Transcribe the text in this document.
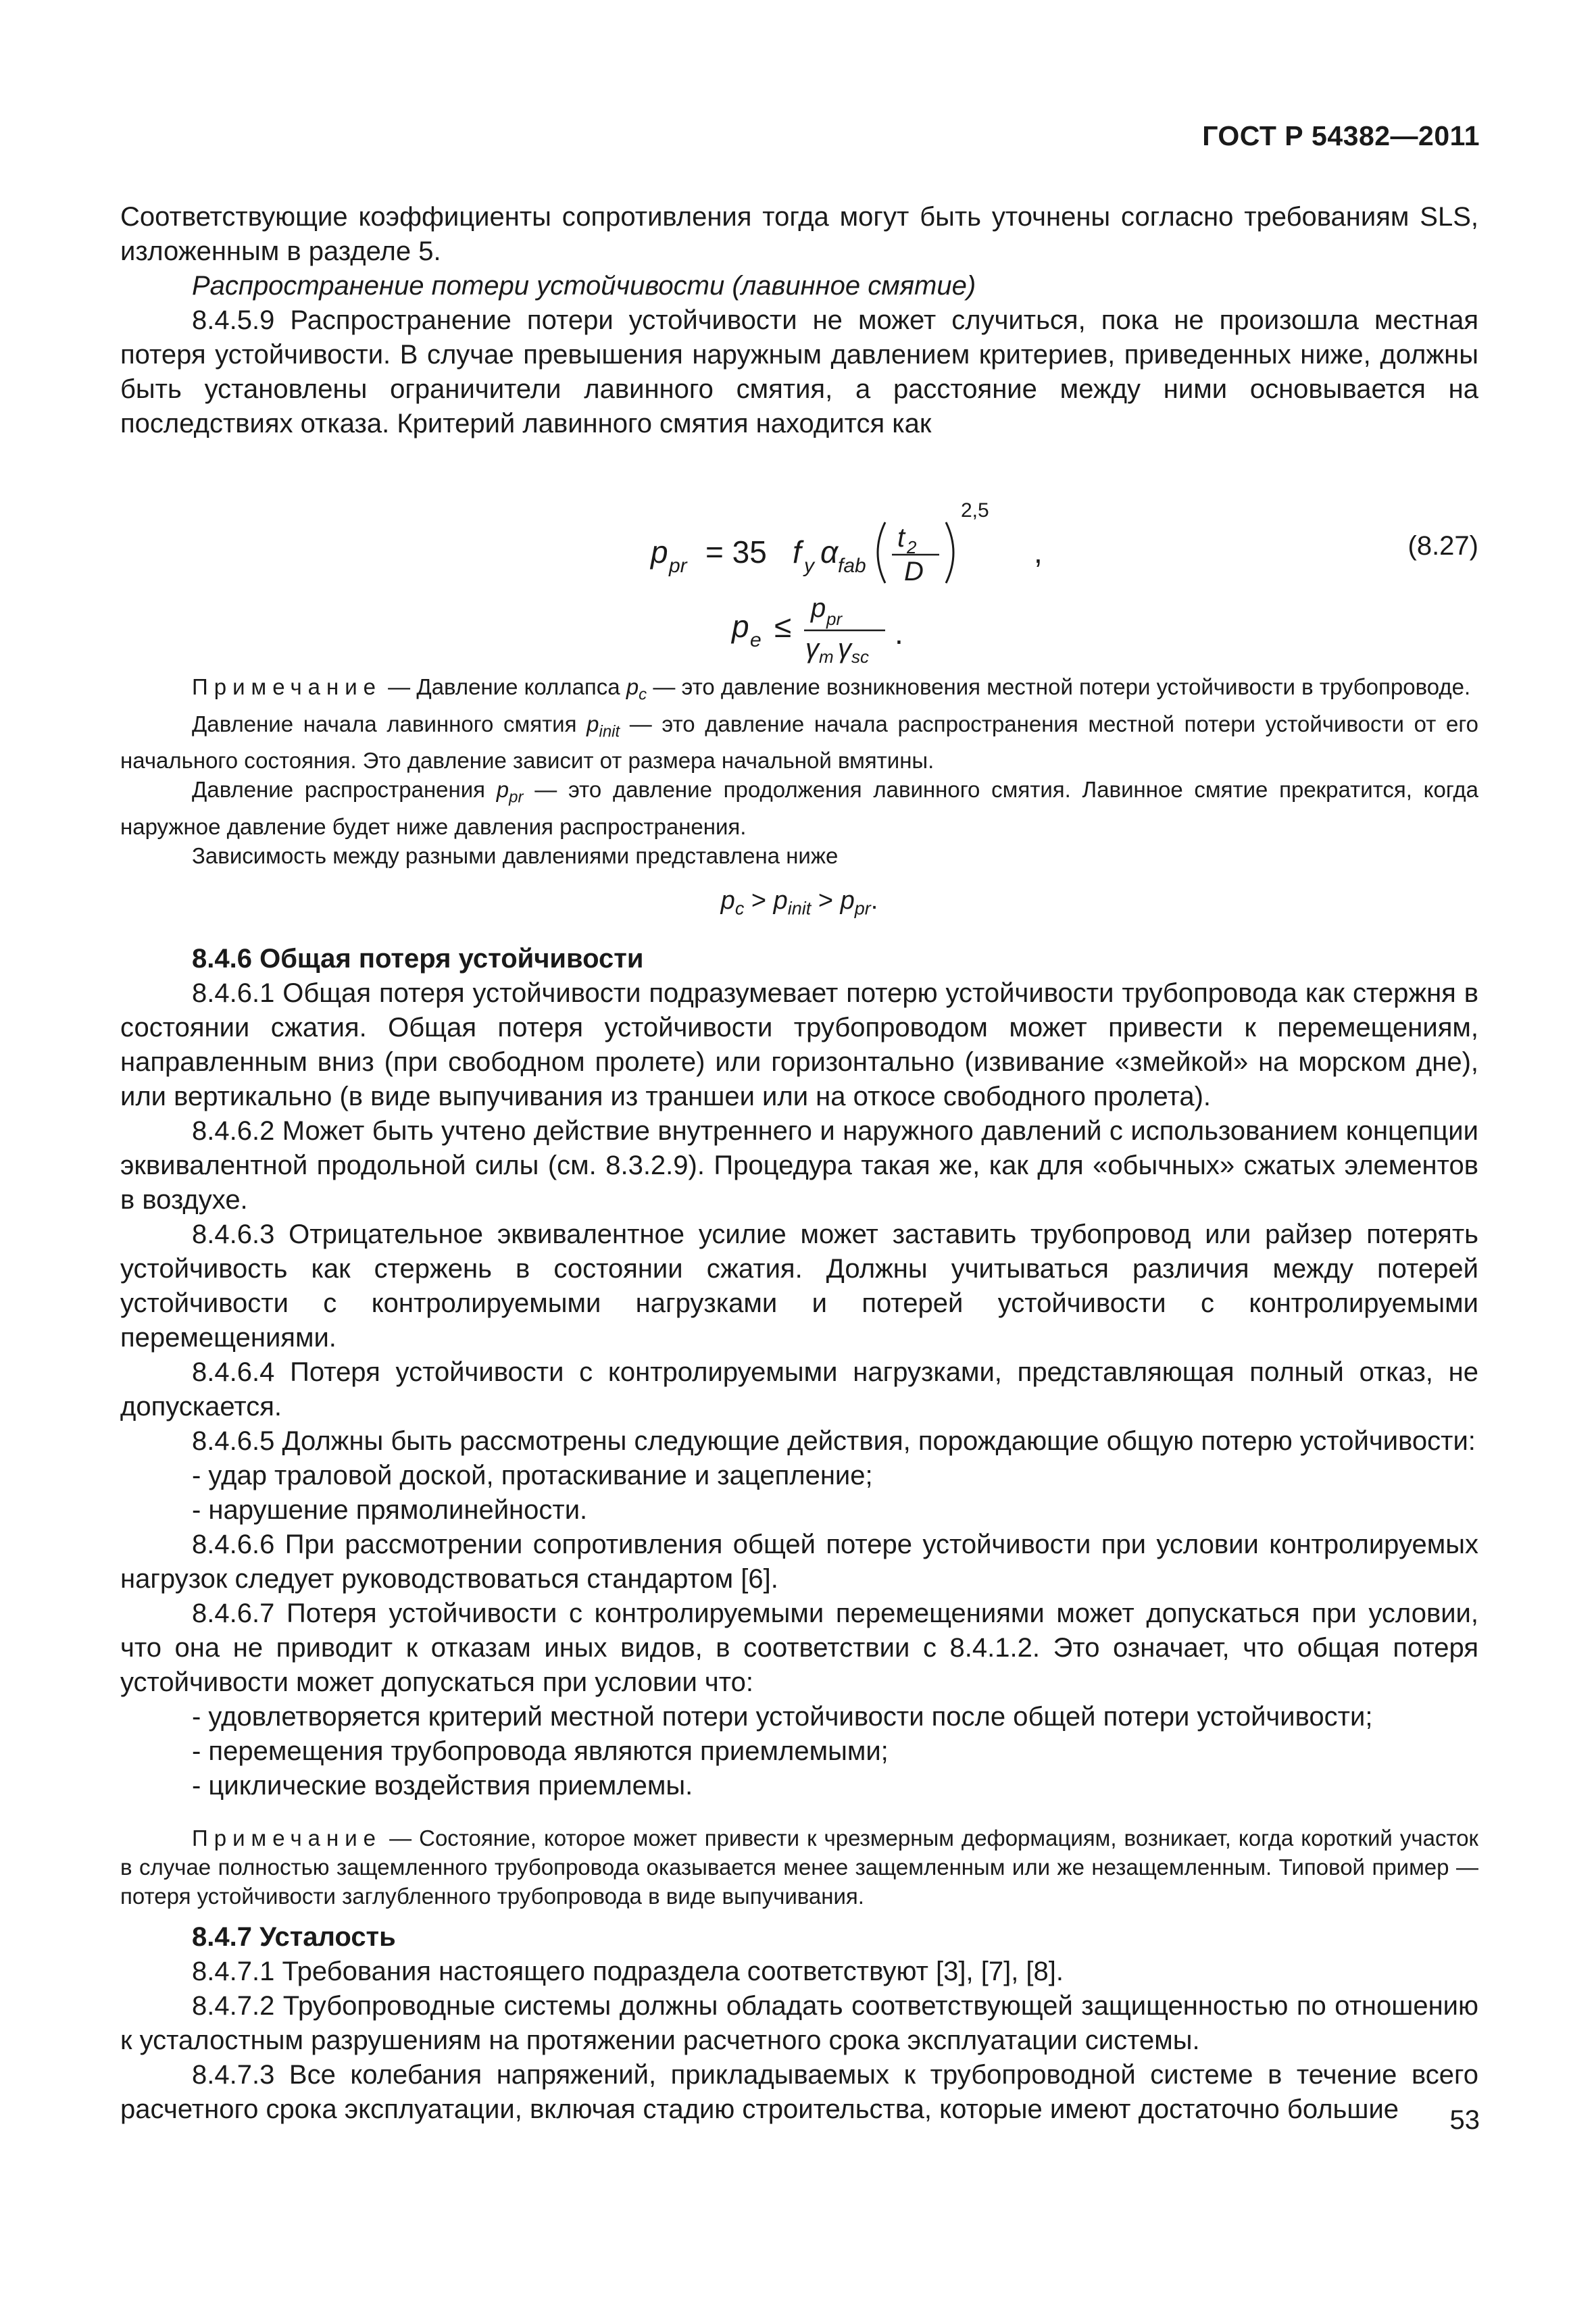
ГОСТ Р 54382—2011

Соответствующие коэффициенты сопротивления тогда могут быть уточнены согласно требованиям SLS, изложенным в разделе 5.

Распространение потери устойчивости (лавинное смятие)

8.4.5.9 Распространение потери устойчивости не может случиться, пока не произошла местная потеря устойчивости. В случае превышения наружным давлением критериев, приведенных ниже, должны быть установлены ограничители лавинного смятия, а расстояние между ними основывается на последствиях отказа. Критерий лавинного смятия находится как

p pr = 35 f y α fab
t 2
D
2,5
,
p e ≤
p pr
γ m γ sc
.
(8.27)

Примечание — Давление коллапса $p_c$ — это давление возникновения местной потери устойчивости в трубопроводе.

Давление начала лавинного смятия $p_{init}$ — это давление начала распространения местной потери устойчивости от его начального состояния. Это давление зависит от размера начальной вмятины.

Давление распространения $p_{pr}$ — это давление продолжения лавинного смятия. Лавинное смятие прекратится, когда наружное давление будет ниже давления распространения.

Зависимость между разными давлениями представлена ниже

$p_c > p_{init} > p_{pr}$.

8.4.6 Общая потеря устойчивости

8.4.6.1 Общая потеря устойчивости подразумевает потерю устойчивости трубопровода как стержня в состоянии сжатия. Общая потеря устойчивости трубопроводом может привести к перемещениям, направленным вниз (при свободном пролете) или горизонтально (извивание «змейкой» на морском дне), или вертикально (в виде выпучивания из траншеи или на откосе свободного пролета).

8.4.6.2 Может быть учтено действие внутреннего и наружного давлений с использованием концепции эквивалентной продольной силы (см. 8.3.2.9). Процедура такая же, как для «обычных» сжатых элементов в воздухе.

8.4.6.3 Отрицательное эквивалентное усилие может заставить трубопровод или райзер потерять устойчивость как стержень в состоянии сжатия. Должны учитываться различия между потерей устойчивости с контролируемыми нагрузками и потерей устойчивости с контролируемыми перемещениями.

8.4.6.4 Потеря устойчивости с контролируемыми нагрузками, представляющая полный отказ, не допускается.

8.4.6.5 Должны быть рассмотрены следующие действия, порождающие общую потерю устойчивости:

- удар траловой доской, протаскивание и зацепление;

- нарушение прямолинейности.

8.4.6.6 При рассмотрении сопротивления общей потере устойчивости при условии контролируемых нагрузок следует руководствоваться стандартом [6].

8.4.6.7 Потеря устойчивости с контролируемыми перемещениями может допускаться при условии, что она не приводит к отказам иных видов, в соответствии с 8.4.1.2. Это означает, что общая потеря устойчивости может допускаться при условии что:

- удовлетворяется критерий местной потери устойчивости после общей потери устойчивости;

- перемещения трубопровода являются приемлемыми;

- циклические воздействия приемлемы.

Примечание — Состояние, которое может привести к чрезмерным деформациям, возникает, когда короткий участок в случае полностью защемленного трубопровода оказывается менее защемленным или же незащемленным. Типовой пример — потеря устойчивости заглубленного трубопровода в виде выпучивания.

8.4.7 Усталость

8.4.7.1 Требования настоящего подраздела соответствуют [3], [7], [8].

8.4.7.2 Трубопроводные системы должны обладать соответствующей защищенностью по отношению к усталостным разрушениям на протяжении расчетного срока эксплуатации системы.

8.4.7.3 Все колебания напряжений, прикладываемых к трубопроводной системе в течение всего расчетного срока эксплуатации, включая стадию строительства, которые имеют достаточно большие	53
